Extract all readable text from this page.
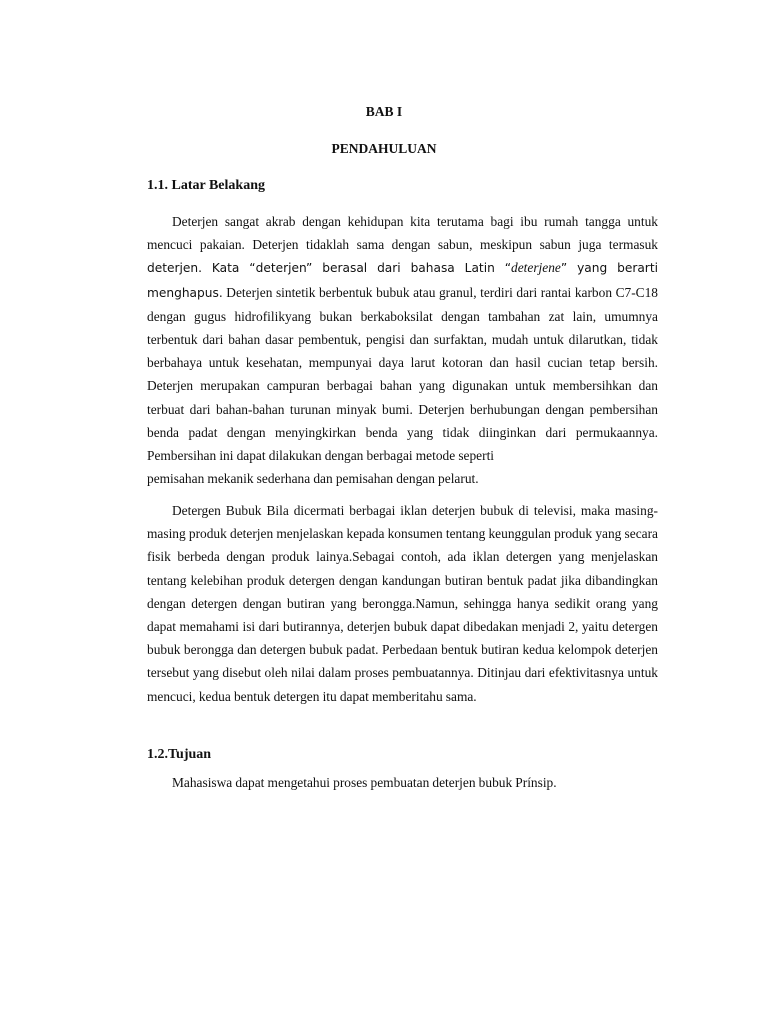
BAB I
PENDAHULUAN
1.1. Latar Belakang

Deterjen sangat akrab dengan kehidupan kita terutama bagi ibu rumah tangga untuk mencuci pakaian. Deterjen tidaklah sama dengan sabun, meskipun sabun juga termasuk deterjen. Kata “deterjen” berasal dari bahasa Latin “deterjene” yang berarti menghapus. Deterjen sintetik berbentuk bubuk atau granul, terdiri dari rantai karbon C7-C18 dengan gugus hidrofilikyang bukan berkaboksilat dengan tambahan zat lain, umumnya terbentuk dari bahan dasar pembentuk, pengisi dan surfaktan, mudah untuk dilarutkan, tidak berbahaya untuk kesehatan, mempunyai daya larut kotoran dan hasil cucian tetap bersih. Deterjen merupakan campuran berbagai bahan yang digunakan untuk membersihkan dan terbuat dari bahan-bahan turunan minyak bumi. Deterjen berhubungan dengan pembersihan benda padat dengan menyingkirkan benda yang tidak diinginkan dari permukaannya. Pembersihan ini dapat dilakukan dengan berbagai metode seperti
pemisahan mekanik sederhana dan pemisahan dengan pelarut.

Detergen Bubuk Bila dicermati berbagai iklan deterjen bubuk di televisi, maka masing-masing produk deterjen menjelaskan kepada konsumen tentang keunggulan produk yang secara fisik berbeda dengan produk lainya.Sebagai contoh, ada iklan detergen yang menjelaskan tentang kelebihan produk detergen dengan kandungan butiran bentuk padat jika dibandingkan dengan detergen dengan butiran yang berongga.Namun, sehingga hanya sedikit orang yang dapat memahami isi dari butirannya, deterjen bubuk dapat dibedakan menjadi 2, yaitu detergen bubuk berongga dan detergen bubuk padat. Perbedaan bentuk butiran kedua kelompok deterjen tersebut yang disebut oleh nilai dalam proses pembuatannya. Ditinjau dari efektivitasnya untuk mencuci, kedua bentuk detergen itu dapat memberitahu sama.

1.2.Tujuan

Mahasiswa dapat mengetahui proses pembuatan deterjen bubuk Prínsip.
